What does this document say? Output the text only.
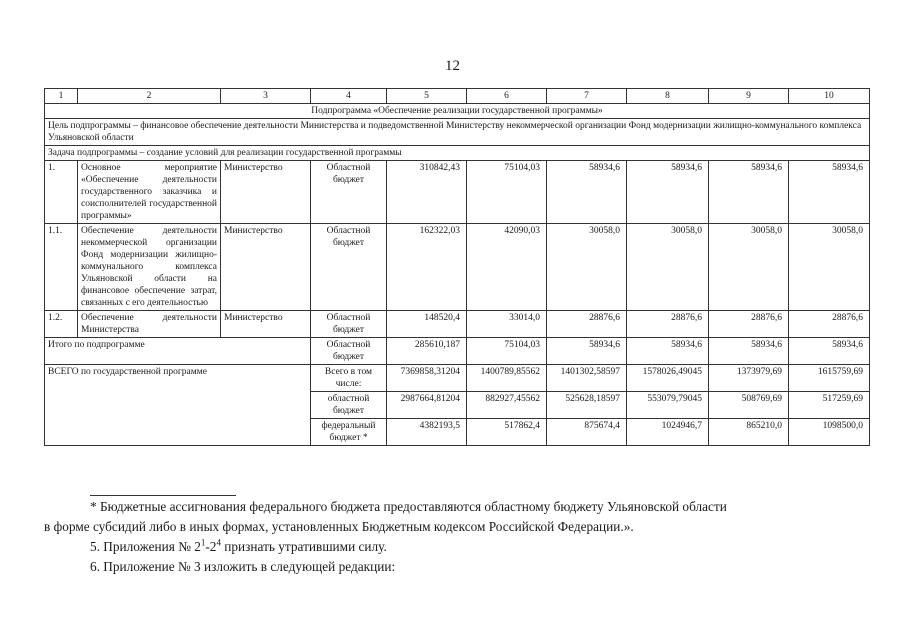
12
1	2	3	4	5	6	7	8	9	10
Подпрограмма «Обеспечение реализации государственной программы»									
Цель подпрограммы – финансовое обеспечение деятельности Министерства и подведомственной Министерству некоммерческой организации Фонд модернизации жилищно-коммунального комплекса Ульяновской области									
Задача подпрограммы – создание условий для реализации государственной программы									
1.	Основное мероприятие «Обеспечение деятельности государственного заказчика и соисполнителей государственной программы»	Министерство	Областной бюджет	310842,43	75104,03	58934,6	58934,6	58934,6	58934,6
1.1.	Обеспечение деятельности некоммерческой организации Фонд модернизации жилищно-коммунального комплекса Ульяновской области на финансовое обеспечение затрат, связанных с его деятельностью	Министерство	Областной бюджет	162322,03	42090,03	30058,0	30058,0	30058,0	30058,0
1.2.	Обеспечение деятельности Министерства	Министерство	Областной бюджет	148520,4	33014,0	28876,6	28876,6	28876,6	28876,6
Итого по подпрограмме			Областной бюджет	285610,187	75104,03	58934,6	58934,6	58934,6	58934,6
ВСЕГО по государственной программе			Всего в том числе:	7369858,31204	1400789,85562	1401302,58597	1578026,49045	1373979,69	1615759,69
			областной бюджет	2987664,81204	882927,45562	525628,18597	553079,79045	508769,69	517259,69
			федеральный бюджет *	4382193,5	517862,4	875674,4	1024946,7	865210,0	1098500,0
* Бюджетные ассигнования федерального бюджета предоставляются областному бюджету Ульяновской области
в форме субсидий либо в иных формах, установленных Бюджетным кодексом Российской Федерации.».
5. Приложения № $2^1-2^4$ признать утратившими силу.
6. Приложение № 3 изложить в следующей редакции:
